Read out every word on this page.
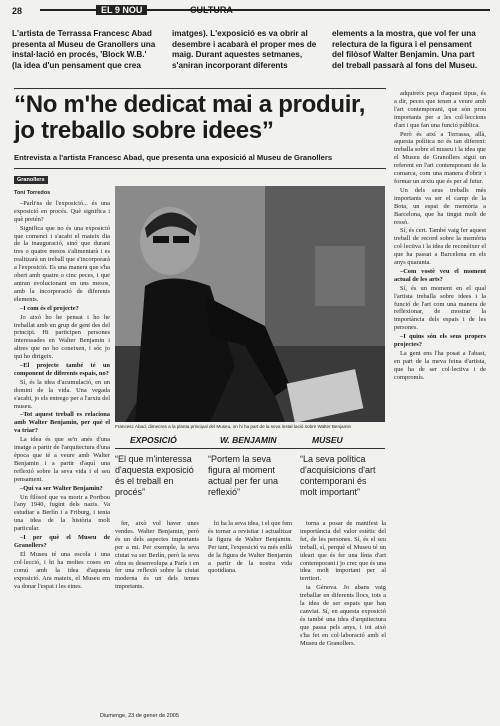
28	EL 9 NOU	CULTURA
L'artista de Terrassa Francesc Abad presenta al Museu de Granollers una instal·lació en procés, 'Block W.B.' (la idea d'un pensament que crea imatges). L'exposició es va obrir al desembre i acabarà el proper mes de maig. Durant aquestes setmanes, s'aniran incorporant diferents elements a la mostra, que vol fer una relectura de la figura i el pensament del filòsof Walter Benjamin. Una part del treball passarà al fons del Museu.
“No m'he dedicat mai a produir, jo treballo sobre idees”
Entrevista a l'artista Francesc Abad, que presenta una exposició al Museu de Granollers
Granollers
Toni Torredos

–Parli'ns de l'exposició... és una exposició en procés. Què significa i què pretén?

Significa que no és una exposició que comenci i s'acabi el mateix dia de la inauguració, sinó que durant tres o quatre mesos s'alimentarà i es realitzarà un treball que s'incorporarà a l'exposició. Es una manera que s'ha obert amb quatre o cinc peces, i que aniran evolucionant en uns mesos, amb la incorporació de diferents elements.

–I com és el projecte?

Jo això ho he pensat i ho he treballat amb un grup de gent des del principi. Hi participen persones interessades en Walter Benjamin i altres que no ho coneixen, i sóc jo qui ho dirigeix.

–El projecte també té un component de diferents espais, no?

Sí, és la idea d'acumulació, en un domini de la vida. Una vegada s'acabi, jo els entrego per a l'arxiu del museu.

–Tot aquest treball es relaciona amb Walter Benjamin, per què el va triar?

La idea és que se'n anés d'una imatge a partir de l'arquitectura d'una època que té a veure amb Walter Benjamin i a partir d'aquí una reflexió sobre la seva vida i el seu pensament.

–Qui va ser Walter Benjamin?

Un filòsof que va morir a Portbou l'any 1940, fugint dels nazis. Va estudiar a Berlín i a Friburg, i tenia una idea de la història molt particular.

–I per què el Museu de Granollers?

El Museu té una escola i una col·lecció, i hi ha moltes coses en comú amb la idea d'aquesta exposició. Ara mateix, el Museu em va donar l'espai i les eines.

Francesc Abad, dimecres a la planta principal del Museu, on hi ha part de la seva instal·lació sobre Walter Benjamin
EXPOSICIÓ	W. BENJAMIN	MUSEU
“El que m'interessa d'aquesta exposició és el treball en procés”
“Portem la seva figura al moment actual per fer una reflexió”
“La seva política d'acquisicions d'art contemporani és molt important”

fer, això vol haver unes vendes. Walter Benjamin, però és un dels aspectes importants per a mi. Per exemple, la seva ciutat va ser Berlín, però la seva obra es desenvolupa a París i en fer una reflexió sobre la ciutat moderna és un dels temes importants.

hi ha la seva idea, i el que fem és tornar a revisitar i actualitzar la figura de Walter Benjamin. Per tant, l'exposició va més enllà de la figura de Walter Benjamin a partir de la nostra vida quotidiana.

torna a posar de manifest la importància del valor estètic del fet, de les persones. Sí, és el seu treball, sí, perquè el Museu té un ideari que és fer una línia d'art contemporani i jo crec que és una idea molt important per al territori.

ta Gènova. Jo abans vaig treballar en diferents llocs, tots a la idea de ser espais que han canviat. Sí, en aquesta exposició és també una idea d'arquitectura que passa pels anys, i tot això s'ha fet en col·laboració amb el Museu de Granollers.

adquireix peça d'aquest tipus, és a dir, peces que tenen a veure amb l'art contemporani, que són prou importants per a les col·leccions d'art i que fan una funció pública.

Però és així a Terrassa, allà, aquesta política no és tan diferent: treballa sobre el museu i la idea que el Museu de Granollers sigui un referent en l'art contemporani de la comarca, com una manera d'obrir i formar un arxiu que és per al futur.

Un dels seus treballs més importants va ser el camp de la Bota, un espai de memòria a Barcelona, que ha tingut molt de ressò.

Sí, és cert. També vaig fer aquest treball de record sobre la memòria col·lectiva i la idea de reconèixer el que ha passat a Barcelona en els anys quaranta.

–Com vostè veu el moment actual de les arts?

Sí, és un moment en el qual l'artista treballa sobre idees i la funció de l'art com una manera de reflexionar, de mostrar la importància dels espais i de les persones.

–I quins són els seus propers projectes?

La gent ens l'ha posat a l'abast, en part de la meva feina d'artista, que ha de ser col·lectiva i de compromís.

Diumenge, 23 de gener de 2005
